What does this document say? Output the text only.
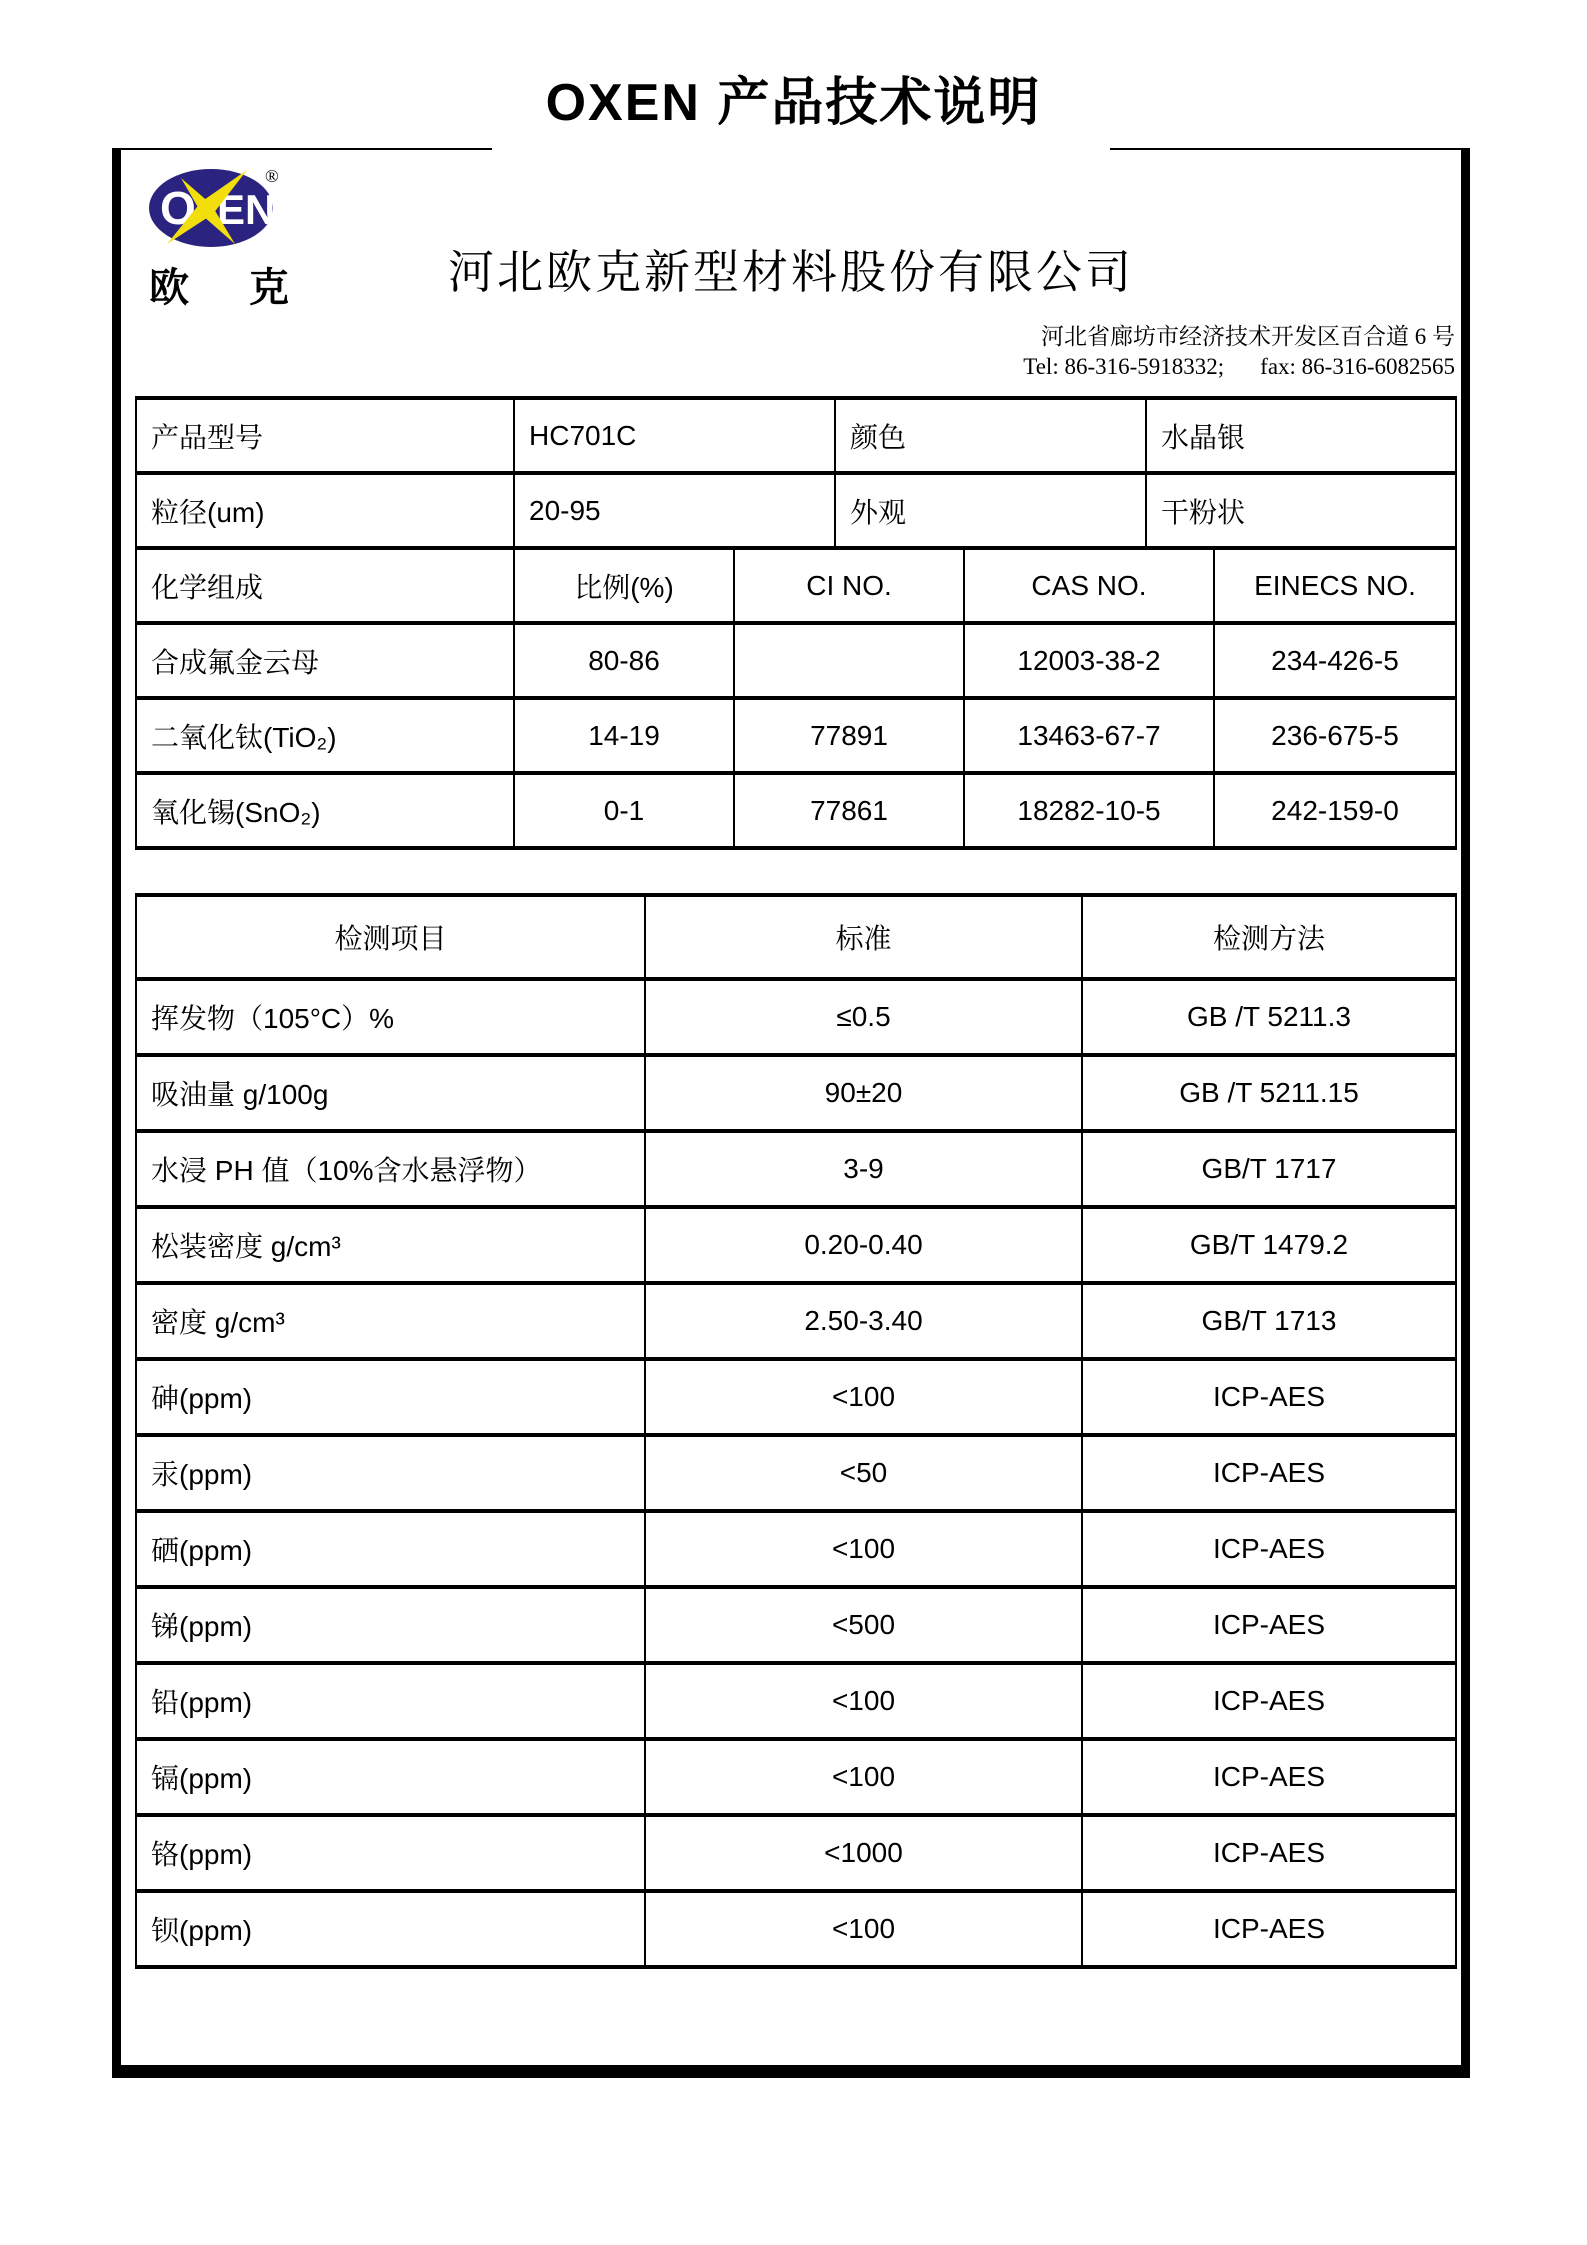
OXEN 产品技术说明
O EN
®
欧 克	河北欧克新型材料股份有限公司
河北省廊坊市经济技术开发区百合道 6 号
Tel: 86-316-5918332; fax: 86-316-6082565
产品型号	HC701C	颜色	水晶银
粒径(um)	20-95	外观	干粉状
化学组成	比例(%)	CI NO.	CAS NO.	EINECS NO.
合成氟金云母	80-86		12003-38-2	234-426-5
二氧化钛(TiO₂)	14-19	77891	13463-67-7	236-675-5
氧化锡(SnO₂)	0-1	77861	18282-10-5	242-159-0
检测项目	标准	检测方法
挥发物（105°C）%	≤0.5	GB /T 5211.3
吸油量 g/100g	90±20	GB /T 5211.15
水浸 PH 值（10%含水悬浮物）	3-9	GB/T 1717
松装密度 g/cm³	0.20-0.40	GB/T 1479.2
密度 g/cm³	2.50-3.40	GB/T 1713
砷(ppm)	<100	ICP-AES
汞(ppm)	<50	ICP-AES
硒(ppm)	<100	ICP-AES
锑(ppm)	<500	ICP-AES
铅(ppm)	<100	ICP-AES
镉(ppm)	<100	ICP-AES
铬(ppm)	<1000	ICP-AES
钡(ppm)	<100	ICP-AES
